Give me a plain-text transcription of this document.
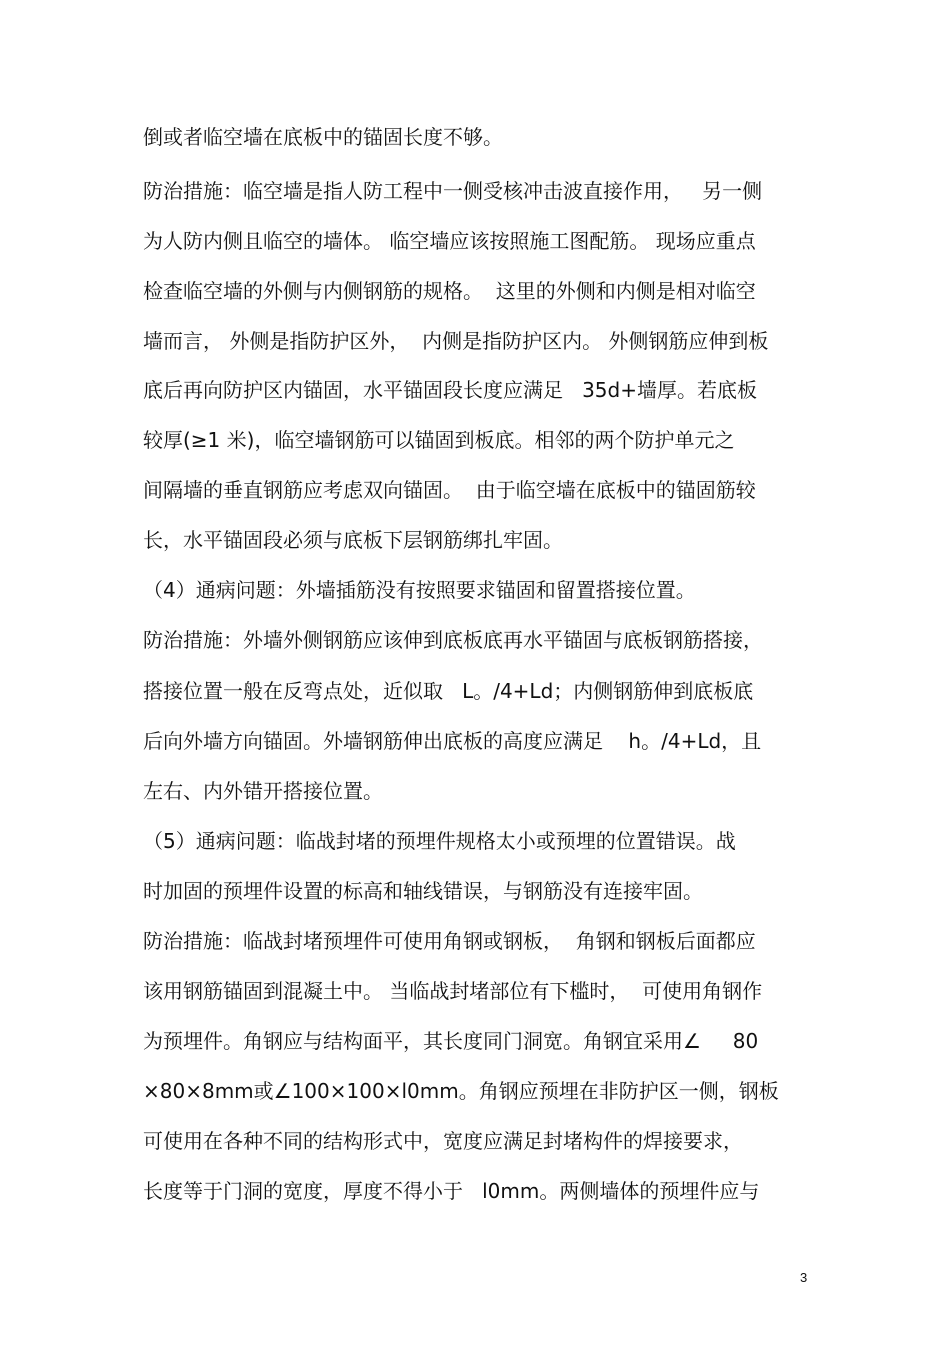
倒或者临空墙在底板中的锚固长度不够。
防治措施：临空墙是指人防工程中一侧受核冲击波直接作用，   另一侧
为人防内侧且临空的墙体。 临空墙应该按照施工图配筋。 现场应重点
检查临空墙的外侧与内侧钢筋的规格。  这里的外侧和内侧是相对临空
墙而言， 外侧是指防护区外，  内侧是指防护区内。 外侧钢筋应伸到板
底后再向防护区内锚固，水平锚固段长度应满足   35d+墙厚。若底板
较厚(≥1 米)，临空墙钢筋可以锚固到板底。相邻的两个防护单元之
间隔墙的垂直钢筋应考虑双向锚固。  由于临空墙在底板中的锚固筋较
长，水平锚固段必须与底板下层钢筋绑扎牢固。
（4）通病问题：外墙插筋没有按照要求锚固和留置搭接位置。
防治措施：外墙外侧钢筋应该伸到底板底再水平锚固与底板钢筋搭接，
搭接位置一般在反弯点处，近似取   L。/4+Ld；内侧钢筋伸到底板底
后向外墙方向锚固。外墙钢筋伸出底板的高度应满足    h。/4+Ld，且
左右、内外错开搭接位置。
（5）通病问题：临战封堵的预埋件规格太小或预埋的位置错误。战
时加固的预埋件设置的标高和轴线错误，与钢筋没有连接牢固。
防治措施：临战封堵预埋件可使用角钢或钢板，  角钢和钢板后面都应
该用钢筋锚固到混凝土中。 当临战封堵部位有下槛时，  可使用角钢作
为预埋件。角钢应与结构面平，其长度同门洞宽。角钢宜采用∠     80
×80×8mm或∠100×100×l0mm。角钢应预埋在非防护区一侧，钢板
可使用在各种不同的结构形式中，宽度应满足封堵构件的焊接要求，
长度等于门洞的宽度，厚度不得小于   l0mm。两侧墙体的预埋件应与
3
